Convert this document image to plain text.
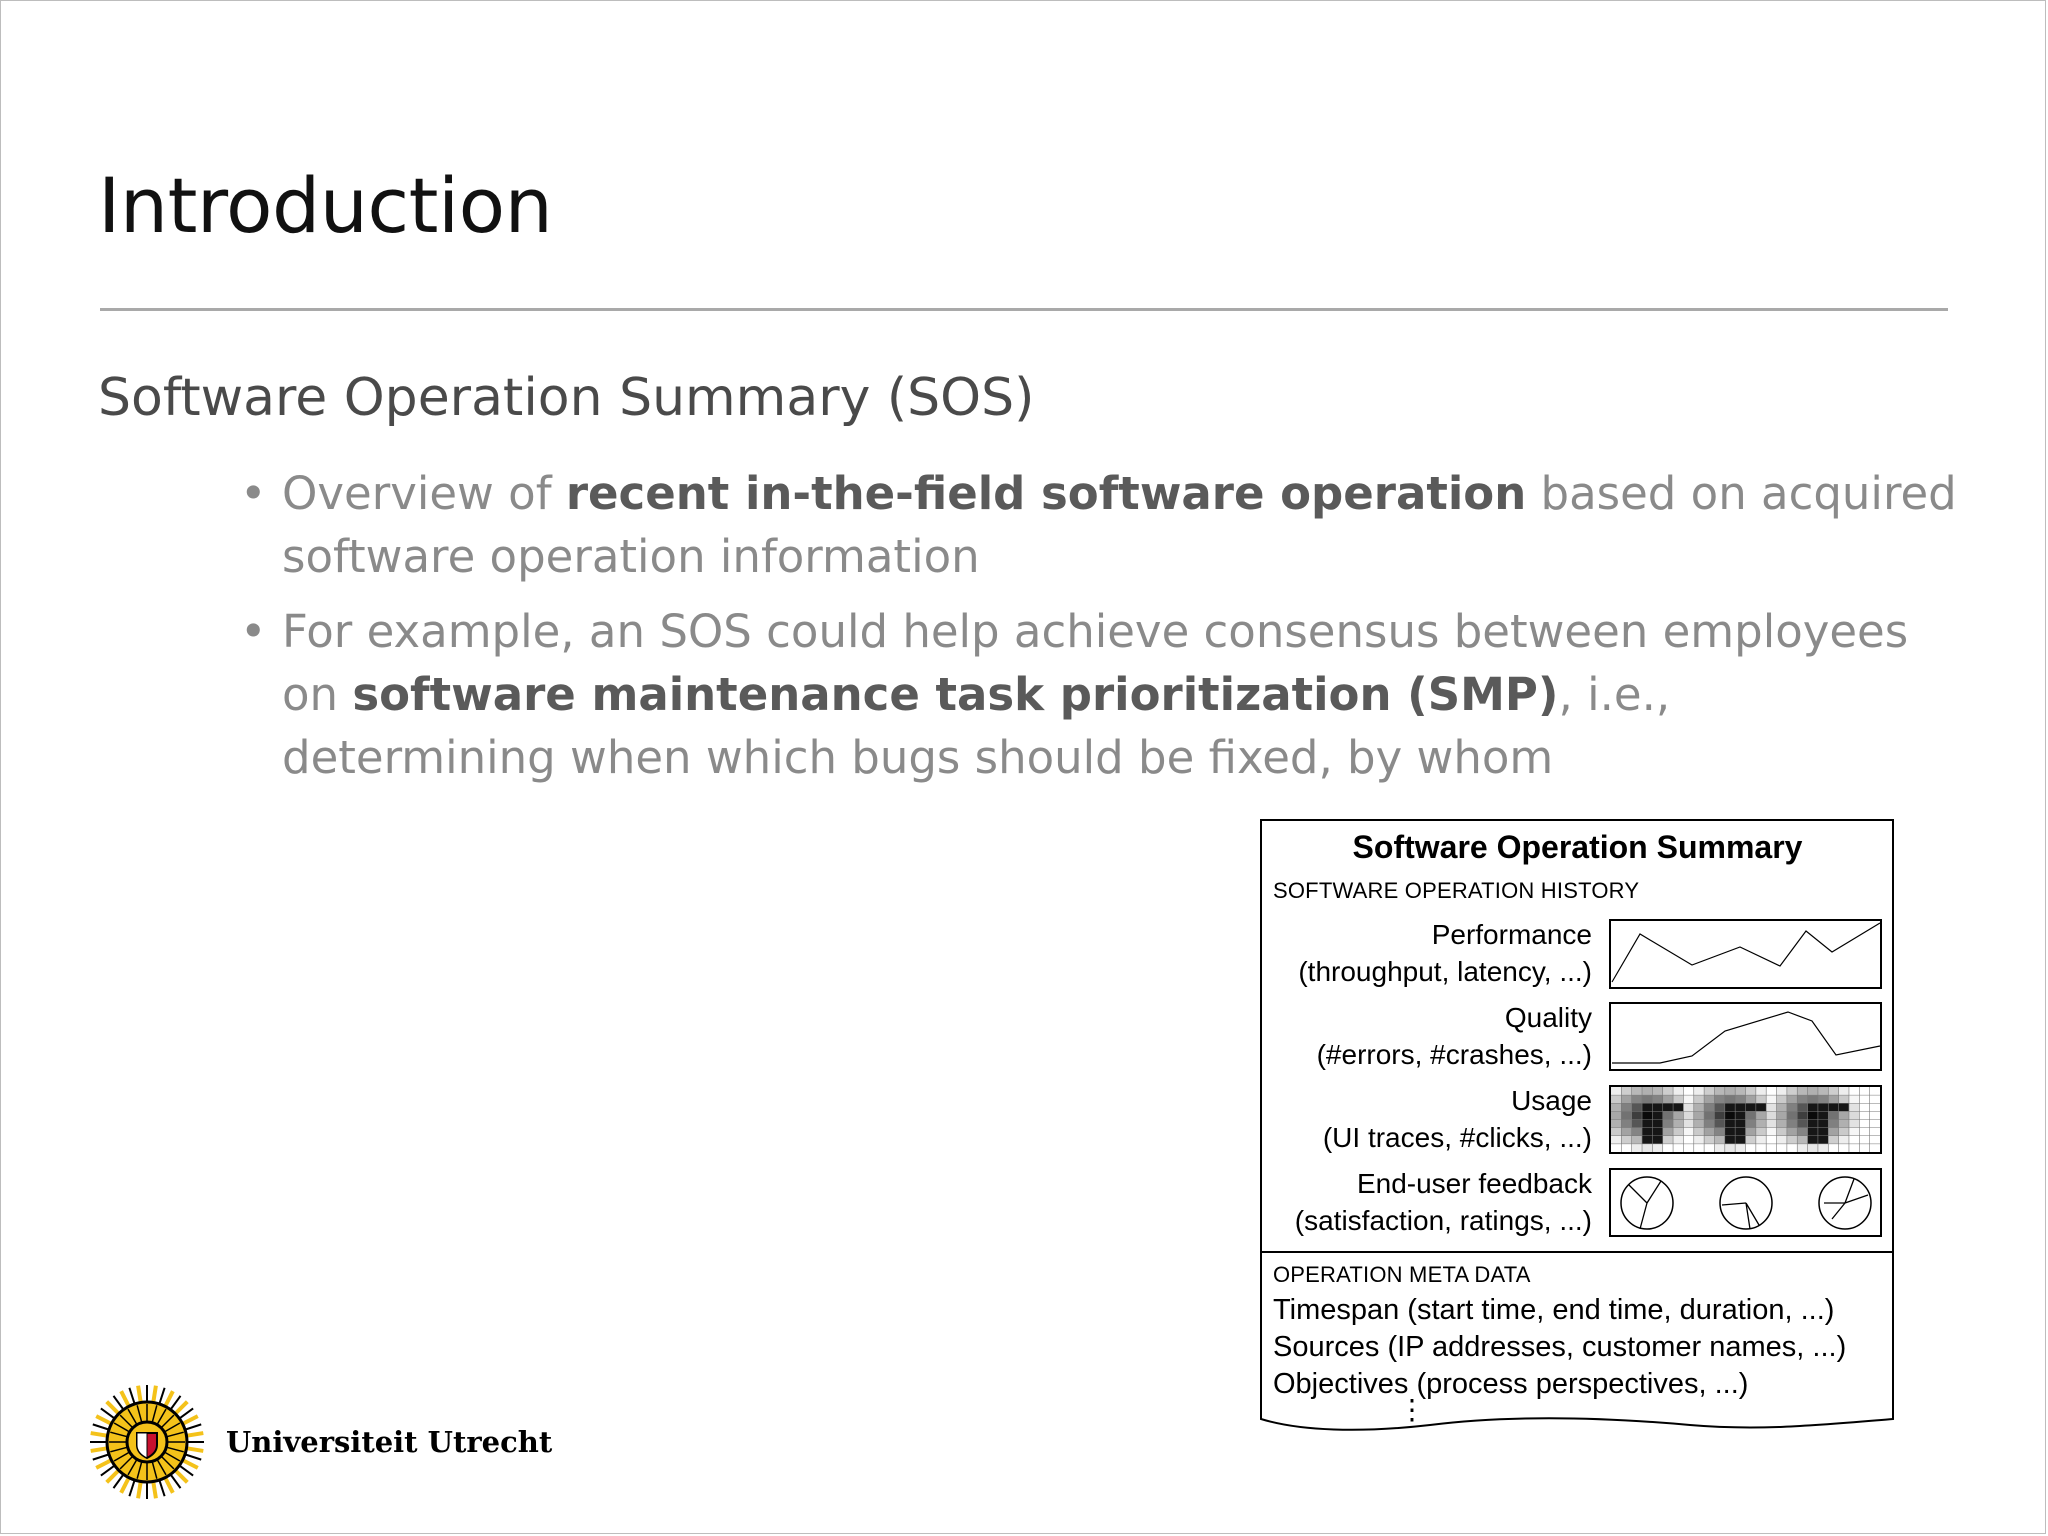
Introduction
Software Operation Summary (SOS)
• Overview of recent in-the-field software operation based on acquired software operation information
• For example, an SOS could help achieve consensus between employees on software maintenance task prioritization (SMP), i.e., determining when which bugs should be fixed, by whom
Software Operation Summary
SOFTWARE OPERATION HISTORY
Performance
(throughput, latency, ...)
Quality
(#errors, #crashes, ...)
Usage
(UI traces, #clicks, ...)
End-user feedback
(satisfaction, ratings, ...)
OPERATION META DATA
Timespan (start time, end time, duration, ...)
Sources (IP addresses, customer names, ...)
Objectives (process perspectives, ...)
⋮
Universiteit Utrecht
